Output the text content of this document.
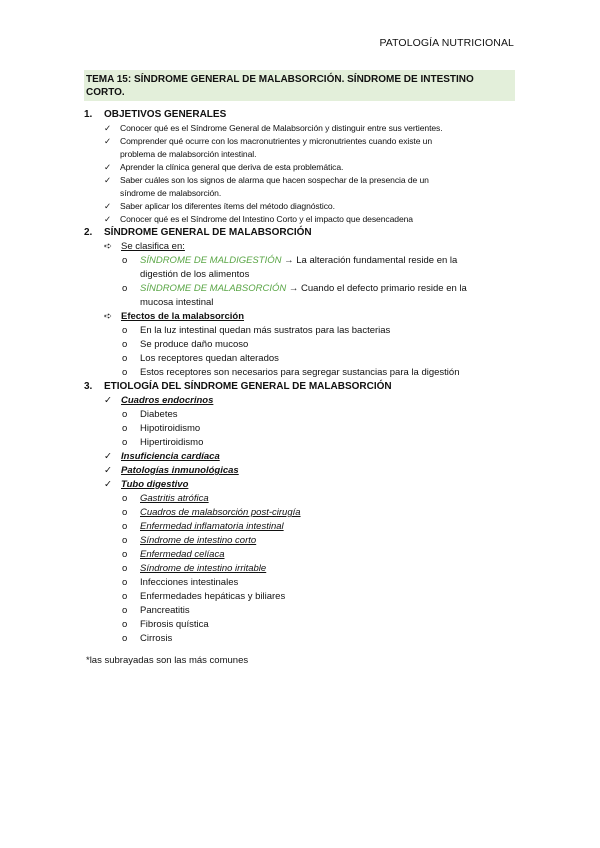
PATOLOGÍA NUTRICIONAL
TEMA 15: SÍNDROME GENERAL DE MALABSORCIÓN. SÍNDROME DE INTESTINO
CORTO.
1. OBJETIVOS GENERALES
✓ Conocer qué es el Síndrome General de Malabsorción y distinguir entre sus vertientes.
✓ Comprender qué ocurre con los macronutrientes y micronutrientes cuando existe un
problema de malabsorción intestinal.
✓ Aprender la clínica general que deriva de esta problemática.
✓ Saber cuáles son los signos de alarma que hacen sospechar de la presencia de un
síndrome de malabsorción.
✓ Saber aplicar los diferentes ítems del método diagnóstico.
✓ Conocer qué es el Síndrome del Intestino Corto y el impacto que desencadena
2. SÍNDROME GENERAL DE MALABSORCIÓN
➪ Se clasifica en:
o SÍNDROME DE MALDIGESTIÓN → La alteración fundamental reside en la
digestión de los alimentos
o SÍNDROME DE MALABSORCIÓN → Cuando el defecto primario reside en la
mucosa intestinal
➪ Efectos de la malabsorción
o En la luz intestinal quedan más sustratos para las bacterias
o Se produce daño mucoso
o Los receptores quedan alterados
o Estos receptores son necesarios para segregar sustancias para la digestión
3. ETIOLOGÍA DEL SÍNDROME GENERAL DE MALABSORCIÓN
✓ Cuadros endocrinos
o Diabetes
o Hipotiroidismo
o Hipertiroidismo
✓ Insuficiencia cardíaca
✓ Patologías inmunológicas
✓ Tubo digestivo
o Gastritis atrófica
o Cuadros de malabsorción post-cirugía
o Enfermedad inflamatoria intestinal
o Síndrome de intestino corto
o Enfermedad celíaca
o Síndrome de intestino irritable
o Infecciones intestinales
o Enfermedades hepáticas y biliares
o Pancreatitis
o Fibrosis quística
o Cirrosis
*las subrayadas son las más comunes
